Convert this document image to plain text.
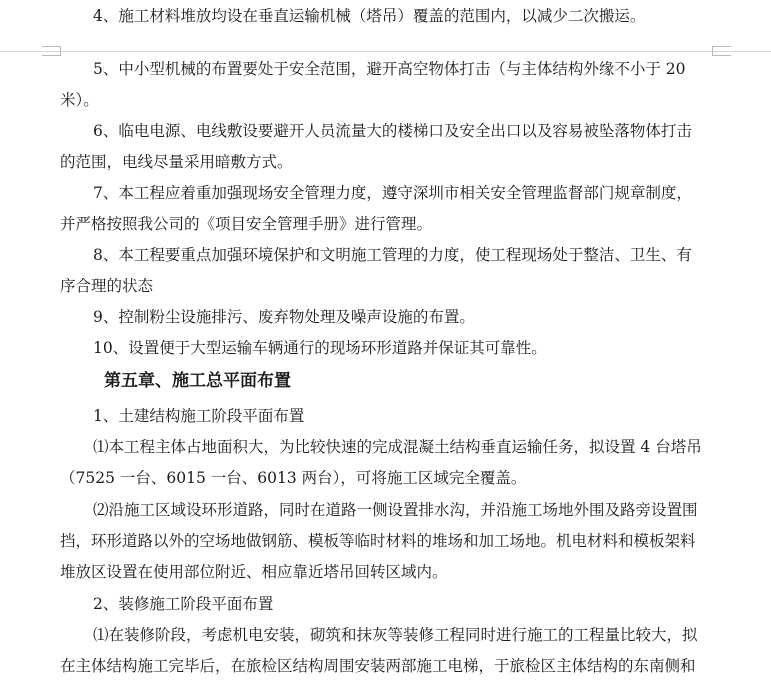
4、施工材料堆放均设在垂直运输机械（塔吊）覆盖的范围内，以减少二次搬运。
5、中小型机械的布置要处于安全范围，避开高空物体打击（与主体结构外缘不小于 20
米）。
6、临电电源、电线敷设要避开人员流量大的楼梯口及安全出口以及容易被坠落物体打击
的范围，电线尽量采用暗敷方式。
7、本工程应着重加强现场安全管理力度，遵守深圳市相关安全管理监督部门规章制度，
并严格按照我公司的《项目安全管理手册》进行管理。
8、本工程要重点加强环境保护和文明施工管理的力度，使工程现场处于整洁、卫生、有
序合理的状态
9、控制粉尘设施排污、废弃物处理及噪声设施的布置。
10、设置便于大型运输车辆通行的现场环形道路并保证其可靠性。
第五章、施工总平面布置
1、土建结构施工阶段平面布置
⑴本工程主体占地面积大，为比较快速的完成混凝土结构垂直运输任务，拟设置 4 台塔吊
（7525 一台、6015 一台、6013 两台），可将施工区域完全覆盖。
⑵沿施工区域设环形道路，同时在道路一侧设置排水沟，并沿施工场地外围及路旁设置围
挡，环形道路以外的空场地做钢筋、模板等临时材料的堆场和加工场地。机电材料和模板架料
堆放区设置在使用部位附近、相应靠近塔吊回转区域内。
2、装修施工阶段平面布置
⑴在装修阶段，考虑机电安装，砌筑和抹灰等装修工程同时进行施工的工程量比较大，拟
在主体结构施工完毕后，在旅检区结构周围安装两部施工电梯，于旅检区主体结构的东南侧和
